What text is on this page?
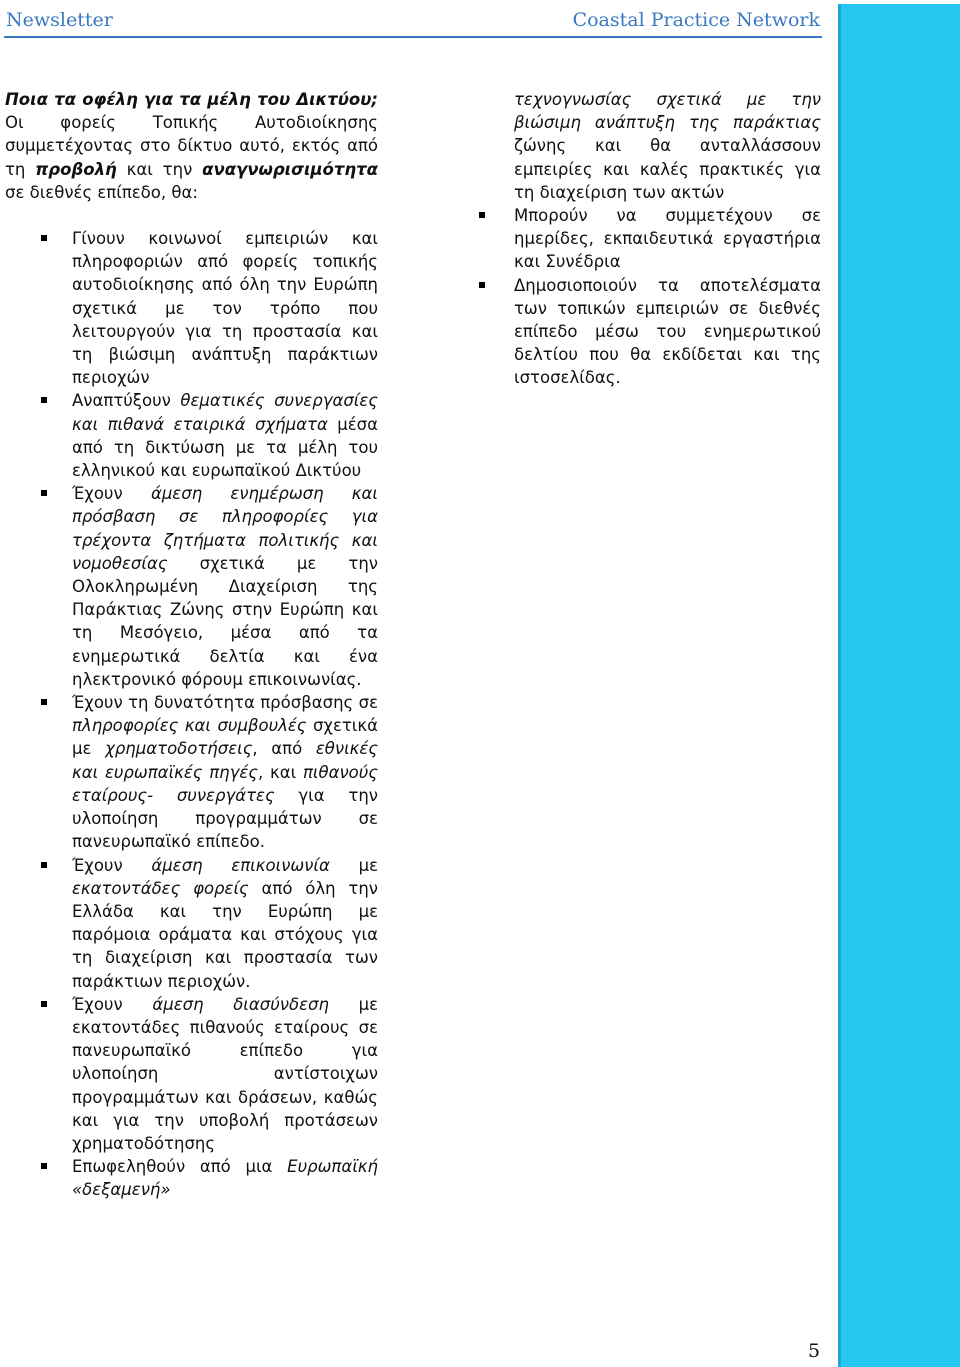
Newsletter	Coastal Practice Network

Ποια τα οφέλη για τα μέλη του Δικτύου; Οι φορείς Τοπικής Αυτοδιοίκησης συμμετέχοντας στο δίκτυο αυτό, εκτός από τη προβολή και την αναγνωρισιμότητα σε διεθνές επίπεδο, θα:

Γίνουν κοινωνοί εμπειριών και πληροφοριών από φορείς τοπικής αυτοδιοίκησης από όλη την Ευρώπη σχετικά με τον τρόπο που λειτουργούν για τη προστασία και τη βιώσιμη ανάπτυξη παράκτιων περιοχών
Αναπτύξουν θεματικές συνεργασίες και πιθανά εταιρικά σχήματα μέσα από τη δικτύωση με τα μέλη του ελληνικού και ευρωπαϊκού Δικτύου
Έχουν άμεση ενημέρωση και πρόσβαση σε πληροφορίες για τρέχοντα ζητήματα πολιτικής και νομοθεσίας σχετικά με την Ολοκληρωμένη Διαχείριση της Παράκτιας Ζώνης στην Ευρώπη και τη Μεσόγειο, μέσα από τα ενημερωτικά δελτία και ένα ηλεκτρονικό φόρουμ επικοινωνίας.
Έχουν τη δυνατότητα πρόσβασης σε πληροφορίες και συμβουλές σχετικά με χρηματοδοτήσεις, από εθνικές και ευρωπαϊκές πηγές, και πιθανούς εταίρους- συνεργάτες για την υλοποίηση προγραμμάτων σε πανευρωπαϊκό επίπεδο.
Έχουν άμεση επικοινωνία με εκατοντάδες φορείς από όλη την Ελλάδα και την Ευρώπη με παρόμοια οράματα και στόχους για τη διαχείριση και προστασία των παράκτιων περιοχών.
Έχουν άμεση διασύνδεση με εκατοντάδες πιθανούς εταίρους σε πανευρωπαϊκό επίπεδο για υλοποίηση αντίστοιχων προγραμμάτων και δράσεων, καθώς και για την υποβολή προτάσεων χρηματοδότησης
Επωφεληθούν από μια Ευρωπαϊκή «δεξαμενή»
τεχνογνωσίας σχετικά με την βιώσιμη ανάπτυξη της παράκτιας ζώνης και θα ανταλλάσσουν εμπειρίες και καλές πρακτικές για τη διαχείριση των ακτών
Μπορούν να συμμετέχουν σε ημερίδες, εκπαιδευτικά εργαστήρια και Συνέδρια
Δημοσιοποιούν τα αποτελέσματα των τοπικών εμπειριών σε διεθνές επίπεδο μέσω του ενημερωτικού δελτίου που θα εκδίδεται και της ιστοσελίδας.
5
